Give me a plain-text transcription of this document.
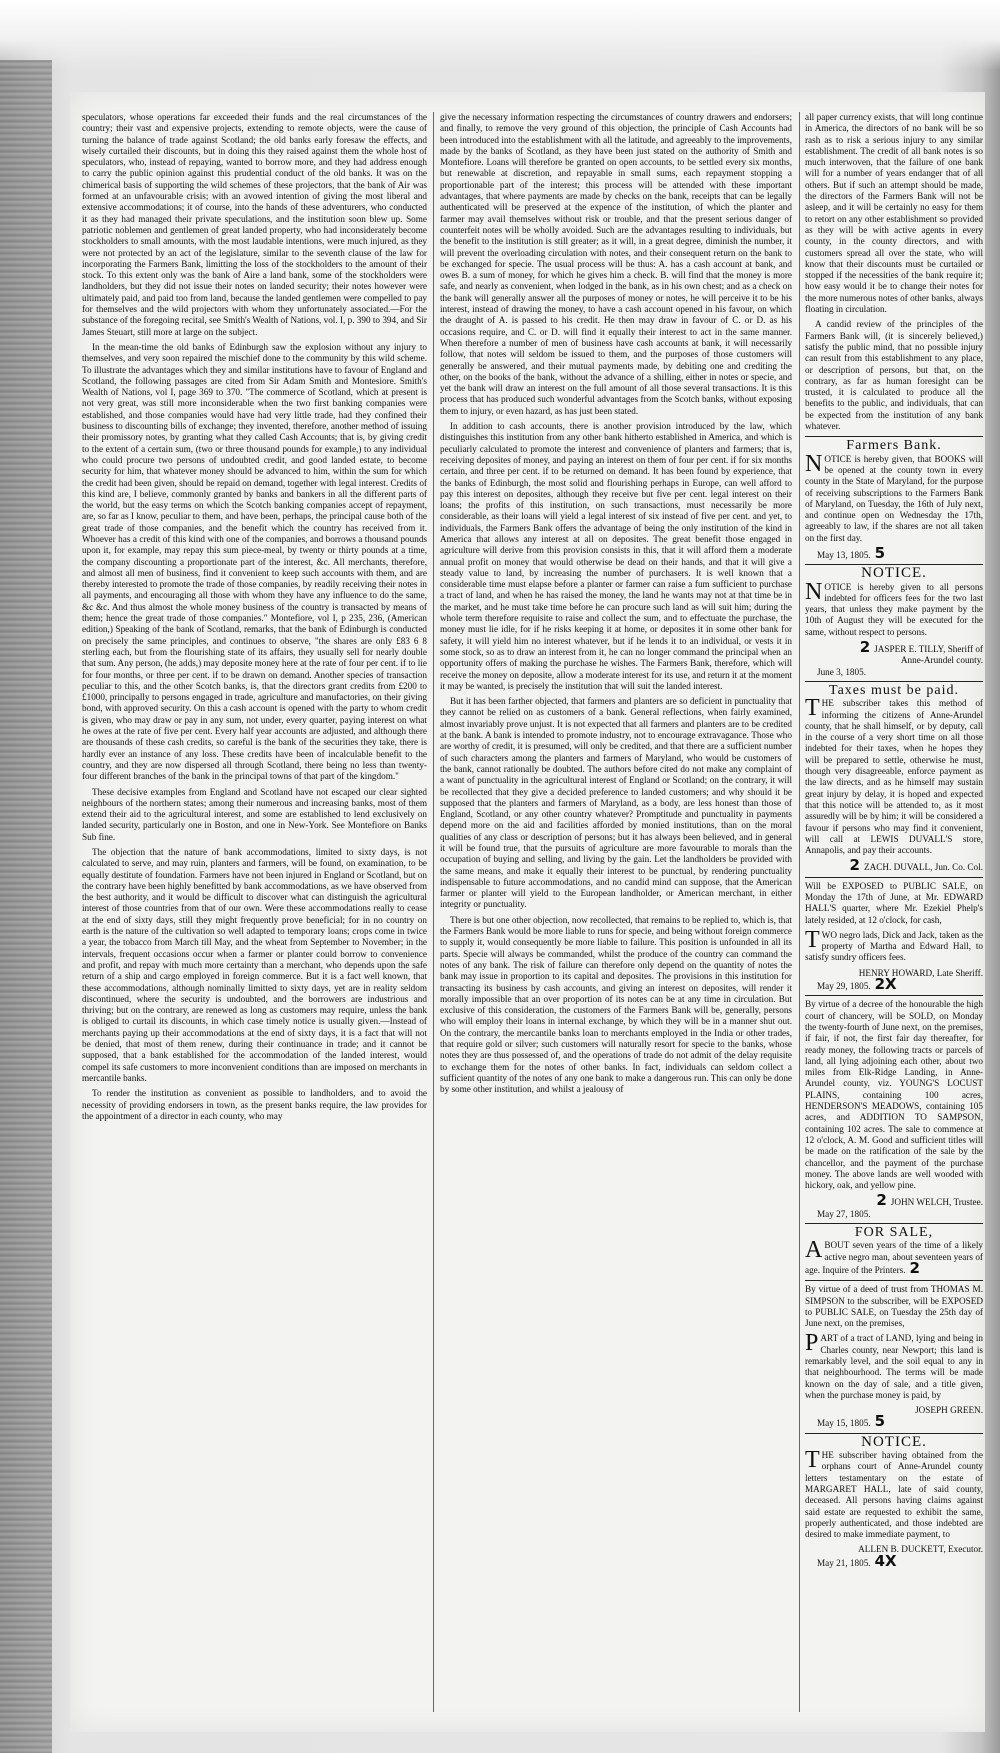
speculators, whose operations far exceeded their funds and the real circumstances of the country; their vast and expensive projects, extending to remote objects, were the cause of turning the balance of trade against Scotland; the old banks early foresaw the effects, and wisely curtailed their discounts, but in doing this they raised against them the whole host of speculators, who, instead of repaying, wanted to borrow more, and they had address enough to carry the public opinion against this prudential conduct of the old banks. It was on the chimerical basis of supporting the wild schemes of these projectors, that the bank of Air was formed at an unfavourable crisis; with an avowed intention of giving the most liberal and extensive accommodations; it of course, into the hands of these adventurers, who conducted it as they had managed their private speculations, and the institution soon blew up. Some patriotic noblemen and gentlemen of great landed property, who had inconsiderately become stockholders to small amounts, with the most laudable intentions, were much injured, as they were not protected by an act of the legislature, similar to the seventh clause of the law for incorporating the Farmers Bank, limitting the loss of the stockholders to the amount of their stock. To this extent only was the bank of Aire a land bank, some of the stockholders were landholders, but they did not issue their notes on landed security; their notes however were ultimately paid, and paid too from land, because the landed gentlemen were compelled to pay for themselves and the wild projectors with whom they unfortunately associated.—For the substance of the foregoing recital, see Smith's Wealth of Nations, vol. I, p. 390 to 394, and Sir James Steuart, still more at large on the subject.

In the mean-time the old banks of Edinburgh saw the explosion without any injury to themselves, and very soon repaired the mischief done to the community by this wild scheme. To illustrate the advantages which they and similar institutions have to favour of England and Scotland, the following passages are cited from Sir Adam Smith and Montesiore. Smith's Wealth of Nations, vol I, page 369 to 370. "The commerce of Scotland, which at present is not very great, was still more inconsiderable when the two first banking companies were established, and those companies would have had very little trade, had they confined their business to discounting bills of exchange; they invented, therefore, another method of issuing their promissory notes, by granting what they called Cash Accounts; that is, by giving credit to the extent of a certain sum, (two or three thousand pounds for example,) to any individual who could procure two persons of undoubted credit, and good landed estate, to become security for him, that whatever money should be advanced to him, within the sum for which the credit had been given, should be repaid on demand, together with legal interest. Credits of this kind are, I believe, commonly granted by banks and bankers in all the different parts of the world, but the easy terms on which the Scotch banking companies accept of repayment, are, so far as I know, peculiar to them, and have been, perhaps, the principal cause both of the great trade of those companies, and the benefit which the country has received from it. Whoever has a credit of this kind with one of the companies, and borrows a thousand pounds upon it, for example, may repay this sum piece-meal, by twenty or thirty pounds at a time, the company discounting a proportionate part of the interest, &c. All merchants, therefore, and almost all men of business, find it convenient to keep such accounts with them, and are thereby interested to promote the trade of those companies, by readily receiving their notes in all payments, and encouraging all those with whom they have any influence to do the same, &c &c. And thus almost the whole money business of the country is transacted by means of them; hence the great trade of those companies." Montefiore, vol I, p 235, 236, (American edition,) Speaking of the bank of Scotland, remarks, that the bank of Edinburgh is conducted on precisely the same principles, and continues to observe, "the shares are only £83 6 8 sterling each, but from the flourishing state of its affairs, they usually sell for nearly double that sum. Any person, (he adds,) may deposite money here at the rate of four per cent. if to lie for four months, or three per cent. if to be drawn on demand. Another species of transaction peculiar to this, and the other Scotch banks, is, that the directors grant credits from £200 to £1000, principally to persons engaged in trade, agriculture and manufactories, on their giving bond, with approved security. On this a cash account is opened with the party to whom credit is given, who may draw or pay in any sum, not under, every quarter, paying interest on what he owes at the rate of five per cent. Every half year accounts are adjusted, and although there are thousands of these cash credits, so careful is the bank of the securities they take, there is hardly ever an instance of any loss. These credits have been of incalculable benefit to the country, and they are now dispersed all through Scotland, there being no less than twenty-four different branches of the bank in the principal towns of that part of the kingdom."

These decisive examples from England and Scotland have not escaped our clear sighted neighbours of the northern states; among their numerous and increasing banks, most of them extend their aid to the agricultural interest, and some are established to lend exclusively on landed security, particularly one in Boston, and one in New-York. See Montefiore on Banks Sub fine.

The objection that the nature of bank accommodations, limited to sixty days, is not calculated to serve, and may ruin, planters and farmers, will be found, on examination, to be equally destitute of foundation. Farmers have not been injured in England or Scotland, but on the contrary have been highly benefitted by bank accommodations, as we have observed from the best authority, and it would be difficult to discover what can distinguish the agricultural interest of those countries from that of our own. Were these accommodations really to cease at the end of sixty days, still they might frequently prove beneficial; for in no country on earth is the nature of the cultivation so well adapted to temporary loans; crops come in twice a year, the tobacco from March till May, and the wheat from September to November; in the intervals, frequent occasions occur when a farmer or planter could borrow to convenience and profit, and repay with much more certainty than a merchant, who depends upon the safe return of a ship and cargo employed in foreign commerce. But it is a fact well known, that these accommodations, although nominally limitted to sixty days, yet are in reality seldom discontinued, where the security is undoubted, and the borrowers are industrious and thriving; but on the contrary, are renewed as long as customers may require, unless the bank is obliged to curtail its discounts, in which case timely notice is usually given.—Instead of merchants paying up their accommodations at the end of sixty days, it is a fact that will not be denied, that most of them renew, during their continuance in trade; and it cannot be supposed, that a bank established for the accommodation of the landed interest, would compel its safe customers to more inconvenient conditions than are imposed on merchants in mercantile banks.

To render the institution as convenient as possible to landholders, and to avoid the necessity of providing endorsers in town, as the present banks require, the law provides for the appointment of a director in each county, who may

give the necessary information respecting the circumstances of country drawers and endorsers; and finally, to remove the very ground of this objection, the principle of Cash Accounts had been introduced into the establishment with all the latitude, and agreeably to the improvements, made by the banks of Scotland, as they have been just stated on the authority of Smith and Montefiore. Loans will therefore be granted on open accounts, to be settled every six months, but renewable at discretion, and repayable in small sums, each repayment stopping a proportionable part of the interest; this process will be attended with these important advantages, that where payments are made by checks on the bank, receipts that can be legally authenticated will be preserved at the expence of the institution, of which the planter and farmer may avail themselves without risk or trouble, and that the present serious danger of counterfeit notes will be wholly avoided. Such are the advantages resulting to individuals, but the benefit to the institution is still greater; as it will, in a great degree, diminish the number, it will prevent the overloading circulation with notes, and their consequent return on the bank to be exchanged for specie. The usual process will be thus: A. has a cash account at bank, and owes B. a sum of money, for which he gives him a check. B. will find that the money is more safe, and nearly as convenient, when lodged in the bank, as in his own chest; and as a check on the bank will generally answer all the purposes of money or notes, he will perceive it to be his interest, instead of drawing the money, to have a cash account opened in his favour, on which the draught of A. is passed to his credit. He then may draw in favour of C. or D. as his occasions require, and C. or D. will find it equally their interest to act in the same manner. When therefore a number of men of business have cash accounts at bank, it will necessarily follow, that notes will seldom be issued to them, and the purposes of those customers will generally be answered, and their mutual payments made, by debiting one and crediting the other, on the books of the bank, without the advance of a shilling, either in notes or specie, and yet the bank will draw an interest on the full amount of all those several transactions. It is this process that has produced such wonderful advantages from the Scotch banks, without exposing them to injury, or even hazard, as has just been stated.

In addition to cash accounts, there is another provision introduced by the law, which distinguishes this institution from any other bank hitherto established in America, and which is peculiarly calculated to promote the interest and convenience of planters and farmers; that is, receiving deposites of money, and paying an interest on them of four per cent. if for six months certain, and three per cent. if to be returned on demand. It has been found by experience, that the banks of Edinburgh, the most solid and flourishing perhaps in Europe, can well afford to pay this interest on deposites, although they receive but five per cent. legal interest on their loans; the profits of this institution, on such transactions, must necessarily be more considerable, as their loans will yield a legal interest of six instead of five per cent. and yet, to individuals, the Farmers Bank offers the advantage of being the only institution of the kind in America that allows any interest at all on deposites. The great benefit those engaged in agriculture will derive from this provision consists in this, that it will afford them a moderate annual profit on money that would otherwise be dead on their hands, and that it will give a steady value to land, by increasing the number of purchasers. It is well known that a considerable time must elapse before a planter or farmer can raise a fum sufficient to purchase a tract of land, and when he has raised the money, the land he wants may not at that time be in the market, and he must take time before he can procure such land as will suit him; during the whole term therefore requisite to raise and collect the sum, and to effectuate the purchase, the money must lie idle, for if he risks keeping it at home, or deposites it in some other bank for safety, it will yield him no interest whatever, but if he lends it to an individual, or vests it in some stock, so as to draw an interest from it, he can no longer command the principal when an opportunity offers of making the purchase he wishes. The Farmers Bank, therefore, which will receive the money on deposite, allow a moderate interest for its use, and return it at the moment it may be wanted, is precisely the institution that will suit the landed interest.

But it has been farther objected, that farmers and planters are so deficient in punctuality that they cannot be relied on as customers of a bank. General reflections, when fairly examined, almost invariably prove unjust. It is not expected that all farmers and planters are to be credited at the bank. A bank is intended to promote industry, not to encourage extravagance. Those who are worthy of credit, it is presumed, will only be credited, and that there are a sufficient number of such characters among the planters and farmers of Maryland, who would be customers of the bank, cannot rationally be doubted. The authors before cited do not make any complaint of a want of punctuality in the agricultural interest of England or Scotland; on the contrary, it will be recollected that they give a decided preference to landed customers; and why should it be supposed that the planters and farmers of Maryland, as a body, are less honest than those of England, Scotland, or any other country whatever? Promptitude and punctuality in payments depend more on the aid and facilities afforded by monied institutions, than on the moral qualities of any class or description of persons; but it has always been believed, and in general it will be found true, that the pursuits of agriculture are more favourable to morals than the occupation of buying and selling, and living by the gain. Let the landholders be provided with the same means, and make it equally their interest to be punctual, by rendering punctuality indispensable to future accommodations, and no candid mind can suppose, that the American farmer or planter will yield to the European landholder, or American merchant, in either integrity or punctuality.

There is but one other objection, now recollected, that remains to be replied to, which is, that the Farmers Bank would be more liable to runs for specie, and being without foreign commerce to supply it, would consequently be more liable to failure. This position is unfounded in all its parts. Specie will always be commanded, whilst the produce of the country can command the notes of any bank. The risk of failure can therefore only depend on the quantity of notes the bank may issue in proportion to its capital and deposites. The provisions in this institution for transacting its business by cash accounts, and giving an interest on deposites, will render it morally impossible that an over proportion of its notes can be at any time in circulation. But exclusive of this consideration, the customers of the Farmers Bank will be, generally, persons who will employ their loans in internal exchange, by which they will be in a manner shut out. On the contrary, the mercantile banks loan to merchants employed in the India or other trades, that require gold or silver; such customers will naturally resort for specie to the banks, whose notes they are thus possessed of, and the operations of trade do not admit of the delay requisite to exchange them for the notes of other banks. In fact, individuals can seldom collect a sufficient quantity of the notes of any one bank to make a dangerous run. This can only be done by some other institution, and whilst a jealousy of

all paper currency exists, that will long continue in America, the directors of no bank will be so rash as to risk a serious injury to any similar establishment. The credit of all bank notes is so much interwoven, that the failure of one bank will for a number of years endanger that of all others. But if such an attempt should be made, the directors of the Farmers Bank will not be asleep, and it will be certainly no easy for them to retort on any other establishment so provided as they will be with active agents in every county, in the county directors, and with customers spread all over the state, who will know that their discounts must be curtailed or stopped if the necessities of the bank require it; how easy would it be to change their notes for the more numerous notes of other banks, always floating in circulation.

A candid review of the principles of the Farmers Bank will, (it is sincerely believed,) satisfy the public mind, that no possible injury can result from this establishment to any place, or description of persons, but that, on the contrary, as far as human foresight can be trusted, it is calculated to produce all the benefits to the public, and individuals, that can be expected from the institution of any bank whatever.

Farmers Bank.

NOTICE is hereby given, that BOOKS will be opened at the county town in every county in the State of Maryland, for the purpose of receiving subscriptions to the Farmers Bank of Maryland, on Tuesday, the 16th of July next, and continue open on Wednesday the 17th, agreeably to law, if the shares are not all taken on the first day.

May 13, 1805. 5
NOTICE.

NOTICE is hereby given to all persons indebted for officers fees for the two last years, that unless they make payment by the 10th of August they will be executed for the same, without respect to persons.

2 JASPER E. TILLY, Sheriff of
Anne-Arundel county.
June 3, 1805.
Taxes must be paid.

THE subscriber takes this method of informing the citizens of Anne-Arundel county, that he shall himself, or by deputy, call in the course of a very short time on all those indebted for their taxes, when he hopes they will be prepared to settle, otherwise he must, though very disagreeable, enforce payment as the law directs, and as he himself may sustain great injury by delay, it is hoped and expected that this notice will be attended to, as it most assuredly will be by him; it will be considered a favour if persons who may find it convenient, will call at LEWIS DUVALL'S store, Annapolis, and pay their accounts.

2 ZACH. DUVALL, Jun. Co. Col.

Will be EXPOSED to PUBLIC SALE, on Monday the 17th of June, at Mr. EDWARD HALL'S quarter, where Mr. Ezekiel Phelp's lately resided, at 12 o'clock, for cash,

TWO negro lads, Dick and Jack, taken as the property of Martha and Edward Hall, to satisfy sundry officers fees.

HENRY HOWARD, Late Sheriff.
May 29, 1805. 2X

By virtue of a decree of the honourable the high court of chancery, will be SOLD, on Monday the twenty-fourth of June next, on the premises, if fair, if not, the first fair day thereafter, for ready money, the following tracts or parcels of land, all lying adjoining each other, about two miles from Elk-Ridge Landing, in Anne-Arundel county, viz. YOUNG'S LOCUST PLAINS, containing 100 acres, HENDERSON'S MEADOWS, containing 105 acres, and ADDITION TO SAMPSON, containing 102 acres. The sale to commence at 12 o'clock, A. M. Good and sufficient titles will be made on the ratification of the sale by the chancellor, and the payment of the purchase money. The above lands are well wooded with hickory, oak, and yellow pine.

2 JOHN WELCH, Trustee.
May 27, 1805.
FOR SALE,

ABOUT seven years of the time of a likely active negro man, about seventeen years of age. Inquire of the Printers. 2

By virtue of a deed of trust from THOMAS M. SIMPSON to the subscriber, will be EXPOSED to PUBLIC SALE, on Tuesday the 25th day of June next, on the premises,

PART of a tract of LAND, lying and being in Charles county, near Newport; this land is remarkably level, and the soil equal to any in that neighbourhood. The terms will be made known on the day of sale, and a title given, when the purchase money is paid, by

JOSEPH GREEN.
May 15, 1805. 5
NOTICE.

THE subscriber having obtained from the orphans court of Anne-Arundel county letters testamentary on the estate of MARGARET HALL, late of said county, deceased. All persons having claims against said estate are requested to exhibit the same, properly authenticated, and those indebted are desired to make immediate payment, to

ALLEN B. DUCKETT, Executor.
May 21, 1805. 4X
